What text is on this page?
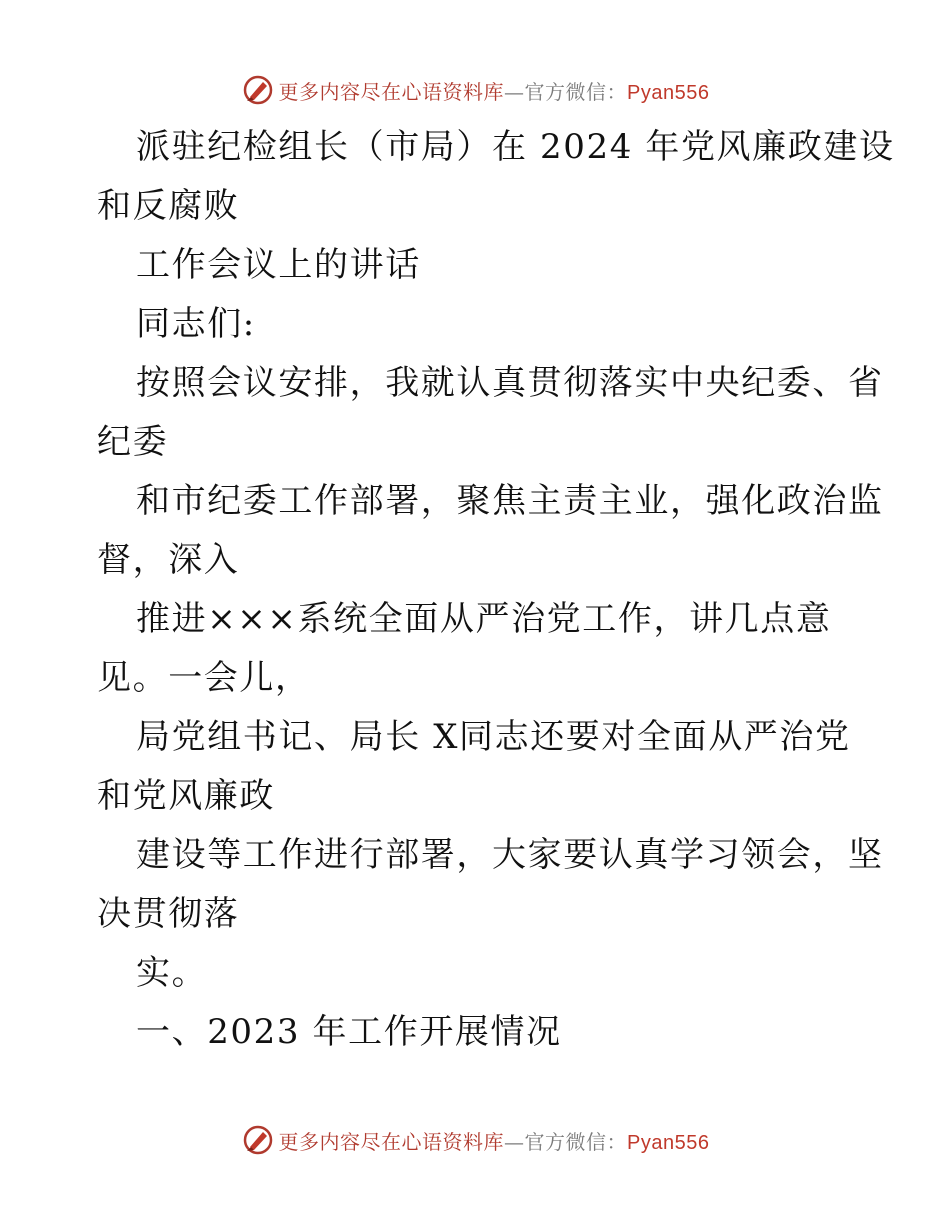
更多内容尽在心语资料库—官方微信：Pyan556
派驻纪检组长（市局）在 2024 年党风廉政建设
和反腐败
工作会议上的讲话
同志们:
按照会议安排，我就认真贯彻落实中央纪委、省
纪委
和市纪委工作部署，聚焦主责主业，强化政治监
督，深入
推进×××系统全面从严治党工作，讲几点意
见。一会儿，
局党组书记、局长 X同志还要对全面从严治党
和党风廉政
建设等工作进行部署，大家要认真学习领会，坚
决贯彻落
实。
一、2023 年工作开展情况
更多内容尽在心语资料库—官方微信：Pyan556
